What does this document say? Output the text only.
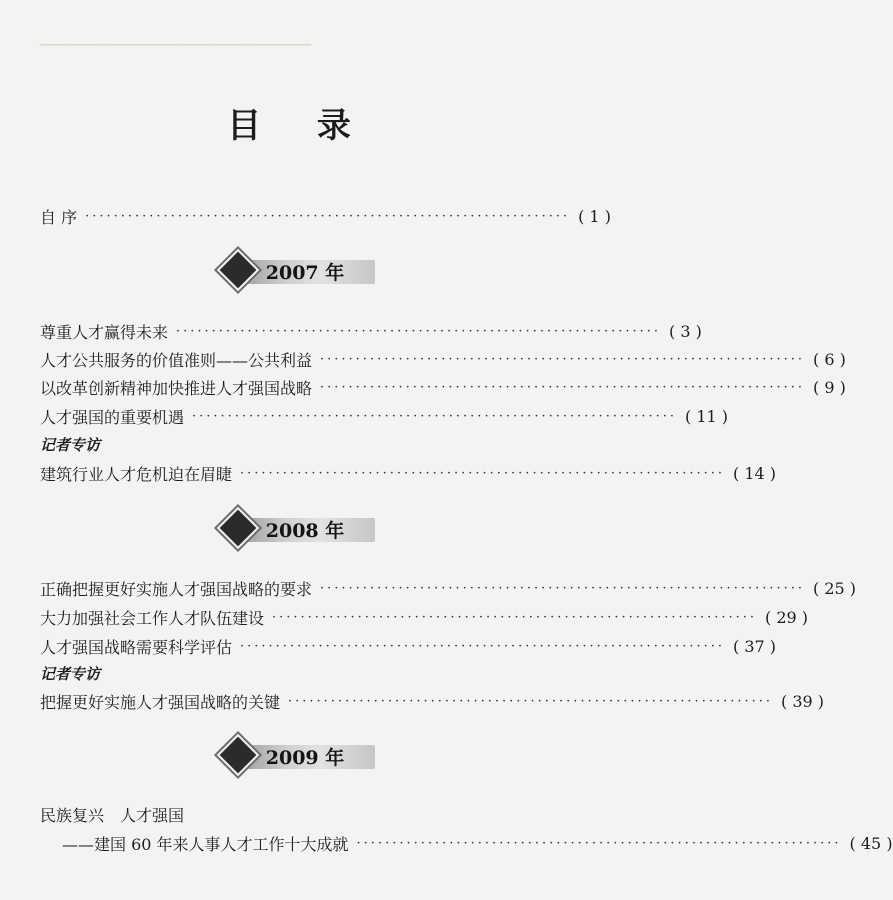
──────────────────────────────
目 录
自 序 ···································································· ( 1 )
2007 年
尊重人才赢得未来 ···································································· ( 3 )
人才公共服务的价值准则——公共利益 ···································································· ( 6 )
以改革创新精神加快推进人才强国战略 ···································································· ( 9 )
人才强国的重要机遇 ···································································· ( 11 )
记者专访
建筑行业人才危机迫在眉睫 ···································································· ( 14 )
2008 年
正确把握更好实施人才强国战略的要求 ···································································· ( 25 )
大力加强社会工作人才队伍建设 ···································································· ( 29 )
人才强国战略需要科学评估 ···································································· ( 37 )
记者专访
把握更好实施人才强国战略的关键 ···································································· ( 39 )
2009 年
民族复兴　人才强国
——建国 60 年来人事人才工作十大成就 ···································································· ( 45 )
